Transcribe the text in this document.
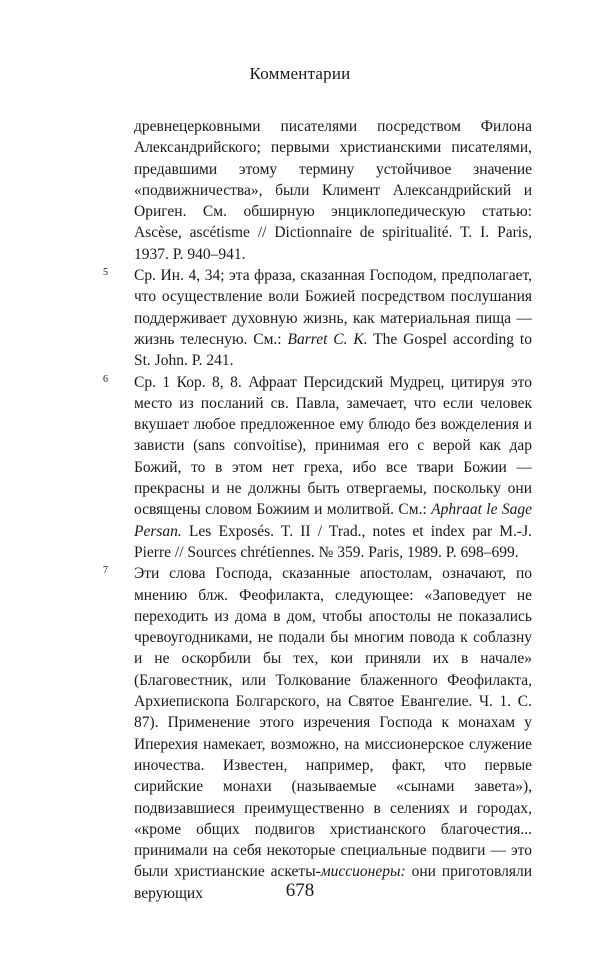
Комментарии
древнецерковными писателями посредством Филона Александрийского; первыми христианскими писателями, предавшими этому термину устойчивое значение «подвижничества», были Климент Александрийский и Ориген. См. обширную энциклопедическую статью: Ascèse, ascétisme // Dictionnaire de spiritualité. T. I. Paris, 1937. P. 940–941.
5 Ср. Ин. 4, 34; эта фраза, сказанная Господом, предполагает, что осуществление воли Божией посредством послушания поддерживает духовную жизнь, как материальная пища — жизнь телесную. См.: Barret C. K. The Gospel according to St. John. P. 241.
6 Ср. 1 Кор. 8, 8. Афраат Персидский Мудрец, цитируя это место из посланий св. Павла, замечает, что если человек вкушает любое предложенное ему блюдо без вожделения и зависти (sans convoitise), принимая его с верой как дар Божий, то в этом нет греха, ибо все твари Божии — прекрасны и не должны быть отвергаемы, поскольку они освящены словом Божиим и молитвой. См.: Aphraat le Sage Persan. Les Exposés. T. II / Trad., notes et index par M.-J. Pierre // Sources chrétiennes. № 359. Paris, 1989. P. 698–699.
7 Эти слова Господа, сказанные апостолам, означают, по мнению блж. Феофилакта, следующее: «Заповедует не переходить из дома в дом, чтобы апостолы не показались чревоугодниками, не подали бы многим повода к соблазну и не оскорбили бы тех, кои приняли их в начале» (Благовестник, или Толкование блаженного Феофилакта, Архиепископа Болгарского, на Святое Евангелие. Ч. 1. С. 87). Применение этого изречения Господа к монахам у Иперехия намекает, возможно, на миссионерское служение иночества. Известен, например, факт, что первые сирийские монахи (называемые «сынами завета»), подвизавшиеся преимущественно в селениях и городах, «кроме общих подвигов христианского благочестия... принимали на себя некоторые специальные подвиги — это были христианские аскеты-миссионеры: они приготовляли верующих	678
